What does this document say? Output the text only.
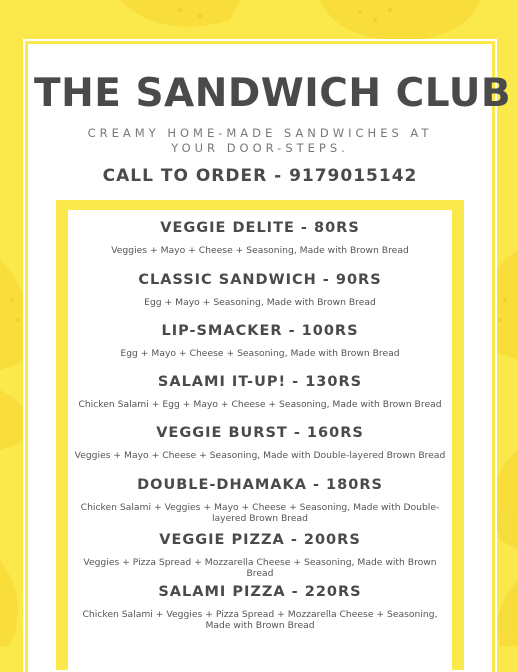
THE SANDWICH CLUB
CREAMY HOME-MADE SANDWICHES AT YOUR DOOR-STEPS.
CALL TO ORDER - 9179015142
VEGGIE DELITE - 80RS
Veggies + Mayo + Cheese + Seasoning, Made with Brown Bread
CLASSIC SANDWICH - 90RS
Egg + Mayo + Seasoning, Made with Brown Bread
LIP-SMACKER - 100RS
Egg + Mayo + Cheese + Seasoning, Made with Brown Bread
SALAMI IT-UP! - 130RS
Chicken Salami + Egg + Mayo + Cheese + Seasoning, Made with Brown Bread
VEGGIE BURST - 160RS
Veggies + Mayo + Cheese + Seasoning, Made with Double-layered Brown Bread
DOUBLE-DHAMAKA - 180RS
Chicken Salami + Veggies + Mayo + Cheese + Seasoning, Made with Double-layered Brown Bread
VEGGIE PIZZA - 200RS
Veggies + Pizza Spread + Mozzarella Cheese + Seasoning, Made with Brown Bread
SALAMI PIZZA - 220RS
Chicken Salami + Veggies + Pizza Spread + Mozzarella Cheese + Seasoning, Made with Brown Bread
